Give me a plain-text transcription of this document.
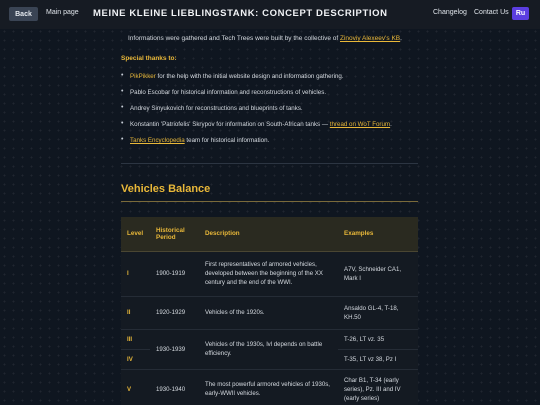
Back	Main page MEINE KLEINE LIEBLINGSTANK: CONCEPT DESCRIPTION	Changelog Contact Us	Ru
Informations were gathered and Tech Trees were built by the collective of Zinoviy Alexeev's KB.
Special thanks to:
• PikPikker for the help with the initial website design and information gathering.
• Pablo Escobar for historical information and reconstructions of vehicles.
• Andrey Sinyukovich for reconstructions and blueprints of tanks.
• Konstantin 'Patriofelis' Skrypov for information on South-African tanks — thread on WoT Forum.
• Tanks Encyclopedia team for historical information.
Vehicles Balance
Level	Historical Period	Description	Examples
I	1900-1919	First representatives of armored vehicles, developed between the beginning of the XX century and the end of the WWI.	A7V, Schneider CA1, Mark I
II	1920-1929	Vehicles of the 1920s.	Ansaldo GL-4, T-18, KH.50
III	1930-1939	Vehicles of the 1930s, lvl depends on battle efficiency.	T-26, LT vz. 35
IV			T-35, LT vz 38, Pz I
V	1930-1940	The most powerful armored vehicles of 1930s, early-WWII vehicles.	Char B1, T-34 (early series), Pz. III and IV (early series)
